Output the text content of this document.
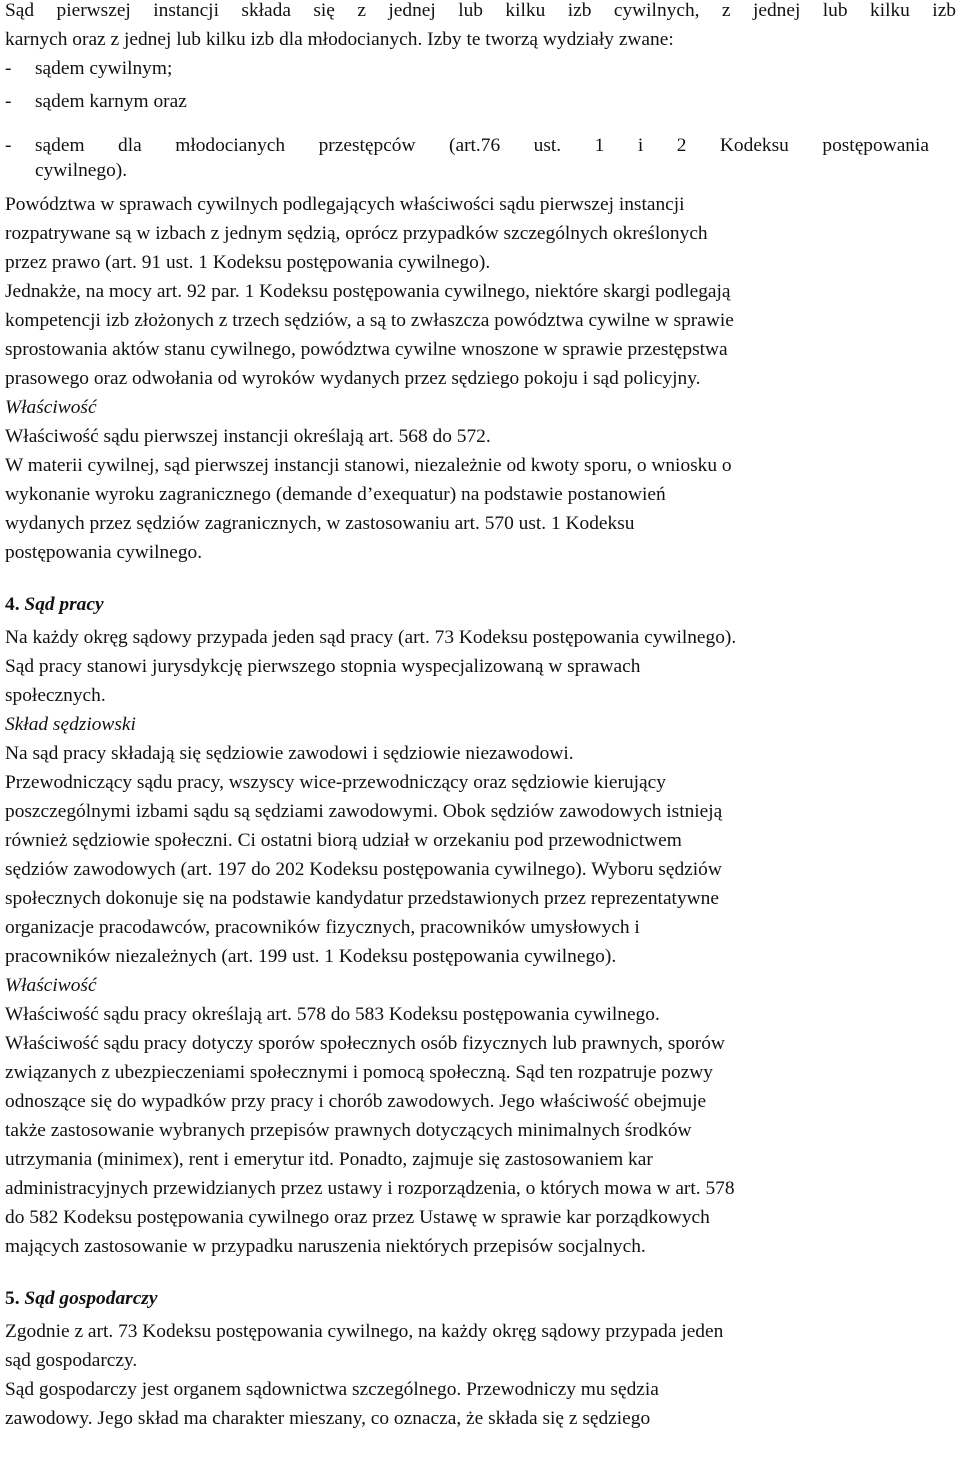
Sąd pierwszej instancji składa się z jednej lub kilku izb cywilnych, z jednej lub kilku izb
karnych oraz z jednej lub kilku izb dla młodocianych. Izby te tworzą wydziały zwane:
- sądem cywilnym;
- sądem karnym oraz
- sądem dla młodocianych przestępców (art.76 ust. 1 i 2 Kodeksu postępowania
cywilnego).
Powództwa w sprawach cywilnych podlegających właściwości sądu pierwszej instancji
rozpatrywane są w izbach z jednym sędzią, oprócz przypadków szczególnych określonych
przez prawo (art. 91 ust. 1 Kodeksu postępowania cywilnego).
Jednakże, na mocy art. 92 par. 1 Kodeksu postępowania cywilnego, niektóre skargi podlegają
kompetencji izb złożonych z trzech sędziów, a są to zwłaszcza powództwa cywilne w sprawie
sprostowania aktów stanu cywilnego, powództwa cywilne wnoszone w sprawie przestępstwa
prasowego oraz odwołania od wyroków wydanych przez sędziego pokoju i sąd policyjny.
Właściwość
Właściwość sądu pierwszej instancji określają art. 568 do 572.
W materii cywilnej, sąd pierwszej instancji stanowi, niezależnie od kwoty sporu, o wniosku o
wykonanie wyroku zagranicznego (demande d’exequatur) na podstawie postanowień
wydanych przez sędziów zagranicznych, w zastosowaniu art. 570 ust. 1 Kodeksu
postępowania cywilnego.
4. Sąd pracy
Na każdy okręg sądowy przypada jeden sąd pracy (art. 73 Kodeksu postępowania cywilnego).
Sąd pracy stanowi jurysdykcję pierwszego stopnia wyspecjalizowaną w sprawach
społecznych.
Skład sędziowski
Na sąd pracy składają się sędziowie zawodowi i sędziowie niezawodowi.
Przewodniczący sądu pracy, wszyscy wice-przewodniczący oraz sędziowie kierujący
poszczególnymi izbami sądu są sędziami zawodowymi. Obok sędziów zawodowych istnieją
również sędziowie społeczni. Ci ostatni biorą udział w orzekaniu pod przewodnictwem
sędziów zawodowych (art. 197 do 202 Kodeksu postępowania cywilnego). Wyboru sędziów
społecznych dokonuje się na podstawie kandydatur przedstawionych przez reprezentatywne
organizacje pracodawców, pracowników fizycznych, pracowników umysłowych i
pracowników niezależnych (art. 199 ust. 1 Kodeksu postępowania cywilnego).
Właściwość
Właściwość sądu pracy określają art. 578 do 583 Kodeksu postępowania cywilnego.
Właściwość sądu pracy dotyczy sporów społecznych osób fizycznych lub prawnych, sporów
związanych z ubezpieczeniami społecznymi i pomocą społeczną. Sąd ten rozpatruje pozwy
odnoszące się do wypadków przy pracy i chorób zawodowych. Jego właściwość obejmuje
także zastosowanie wybranych przepisów prawnych dotyczących minimalnych środków
utrzymania (minimex), rent i emerytur itd. Ponadto, zajmuje się zastosowaniem kar
administracyjnych przewidzianych przez ustawy i rozporządzenia, o których mowa w art. 578
do 582 Kodeksu postępowania cywilnego oraz przez Ustawę w sprawie kar porządkowych
mających zastosowanie w przypadku naruszenia niektórych przepisów socjalnych.
5. Sąd gospodarczy
Zgodnie z art. 73 Kodeksu postępowania cywilnego, na każdy okręg sądowy przypada jeden
sąd gospodarczy.
Sąd gospodarczy jest organem sądownictwa szczególnego. Przewodniczy mu sędzia
zawodowy. Jego skład ma charakter mieszany, co oznacza, że składa się z sędziego
